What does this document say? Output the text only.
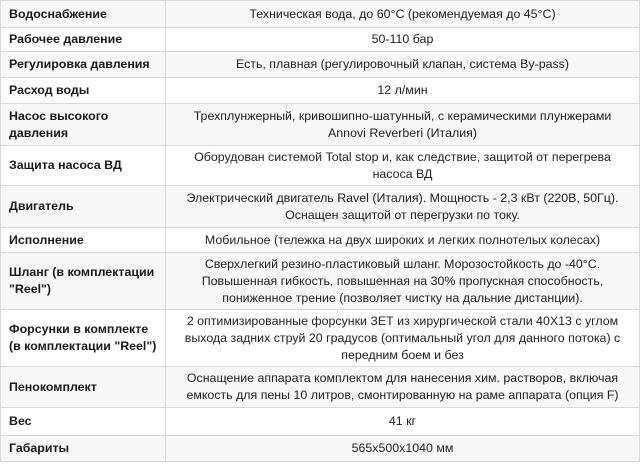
Водоснабжение	Техническая вода, до 60°С (рекомендуемая до 45°С)
Рабочее давление	50-110 бар
Регулировка давления	Есть, плавная (регулировочный клапан, система By-pass)
Расход воды	12 л/мин
Насос высокого давления	Трехплунжерный, кривошипно-шатунный, с керамическими плунжерами Annovi Reverberi (Италия)
Защита насоса ВД	Оборудован системой Total stop и, как следствие, защитой от перегрева насоса ВД
Двигатель	Электрический двигатель Ravel (Италия). Мощность - 2,3 кВт (220В, 50Гц). Оснащен защитой от перегрузки по току.
Исполнение	Мобильное (тележка на двух широких и легких полнотелых колесах)
Шланг (в комплектации "Reel")	Сверхлегкий резино-пластиковый шланг. Морозостойкость до -40°С. Повышенная гибкость, повышенная на 30% пропускная способность, пониженное трение (позволяет чистку на дальние дистанции).
Форсунки в комплекте (в комплектации "Reel")	2 оптимизированные форсунки ЗЕТ из хирургической стали 40Х13 с углом выхода задних струй 20 градусов (оптимальный угол для данного потока) с передним боем и без
Пенокомплект	Оснащение аппарата комплектом для нанесения хим. растворов, включая емкость для пены 10 литров, смонтированную на раме аппарата (опция F)
Вес	41 кг
Габариты	565х500х1040 мм
